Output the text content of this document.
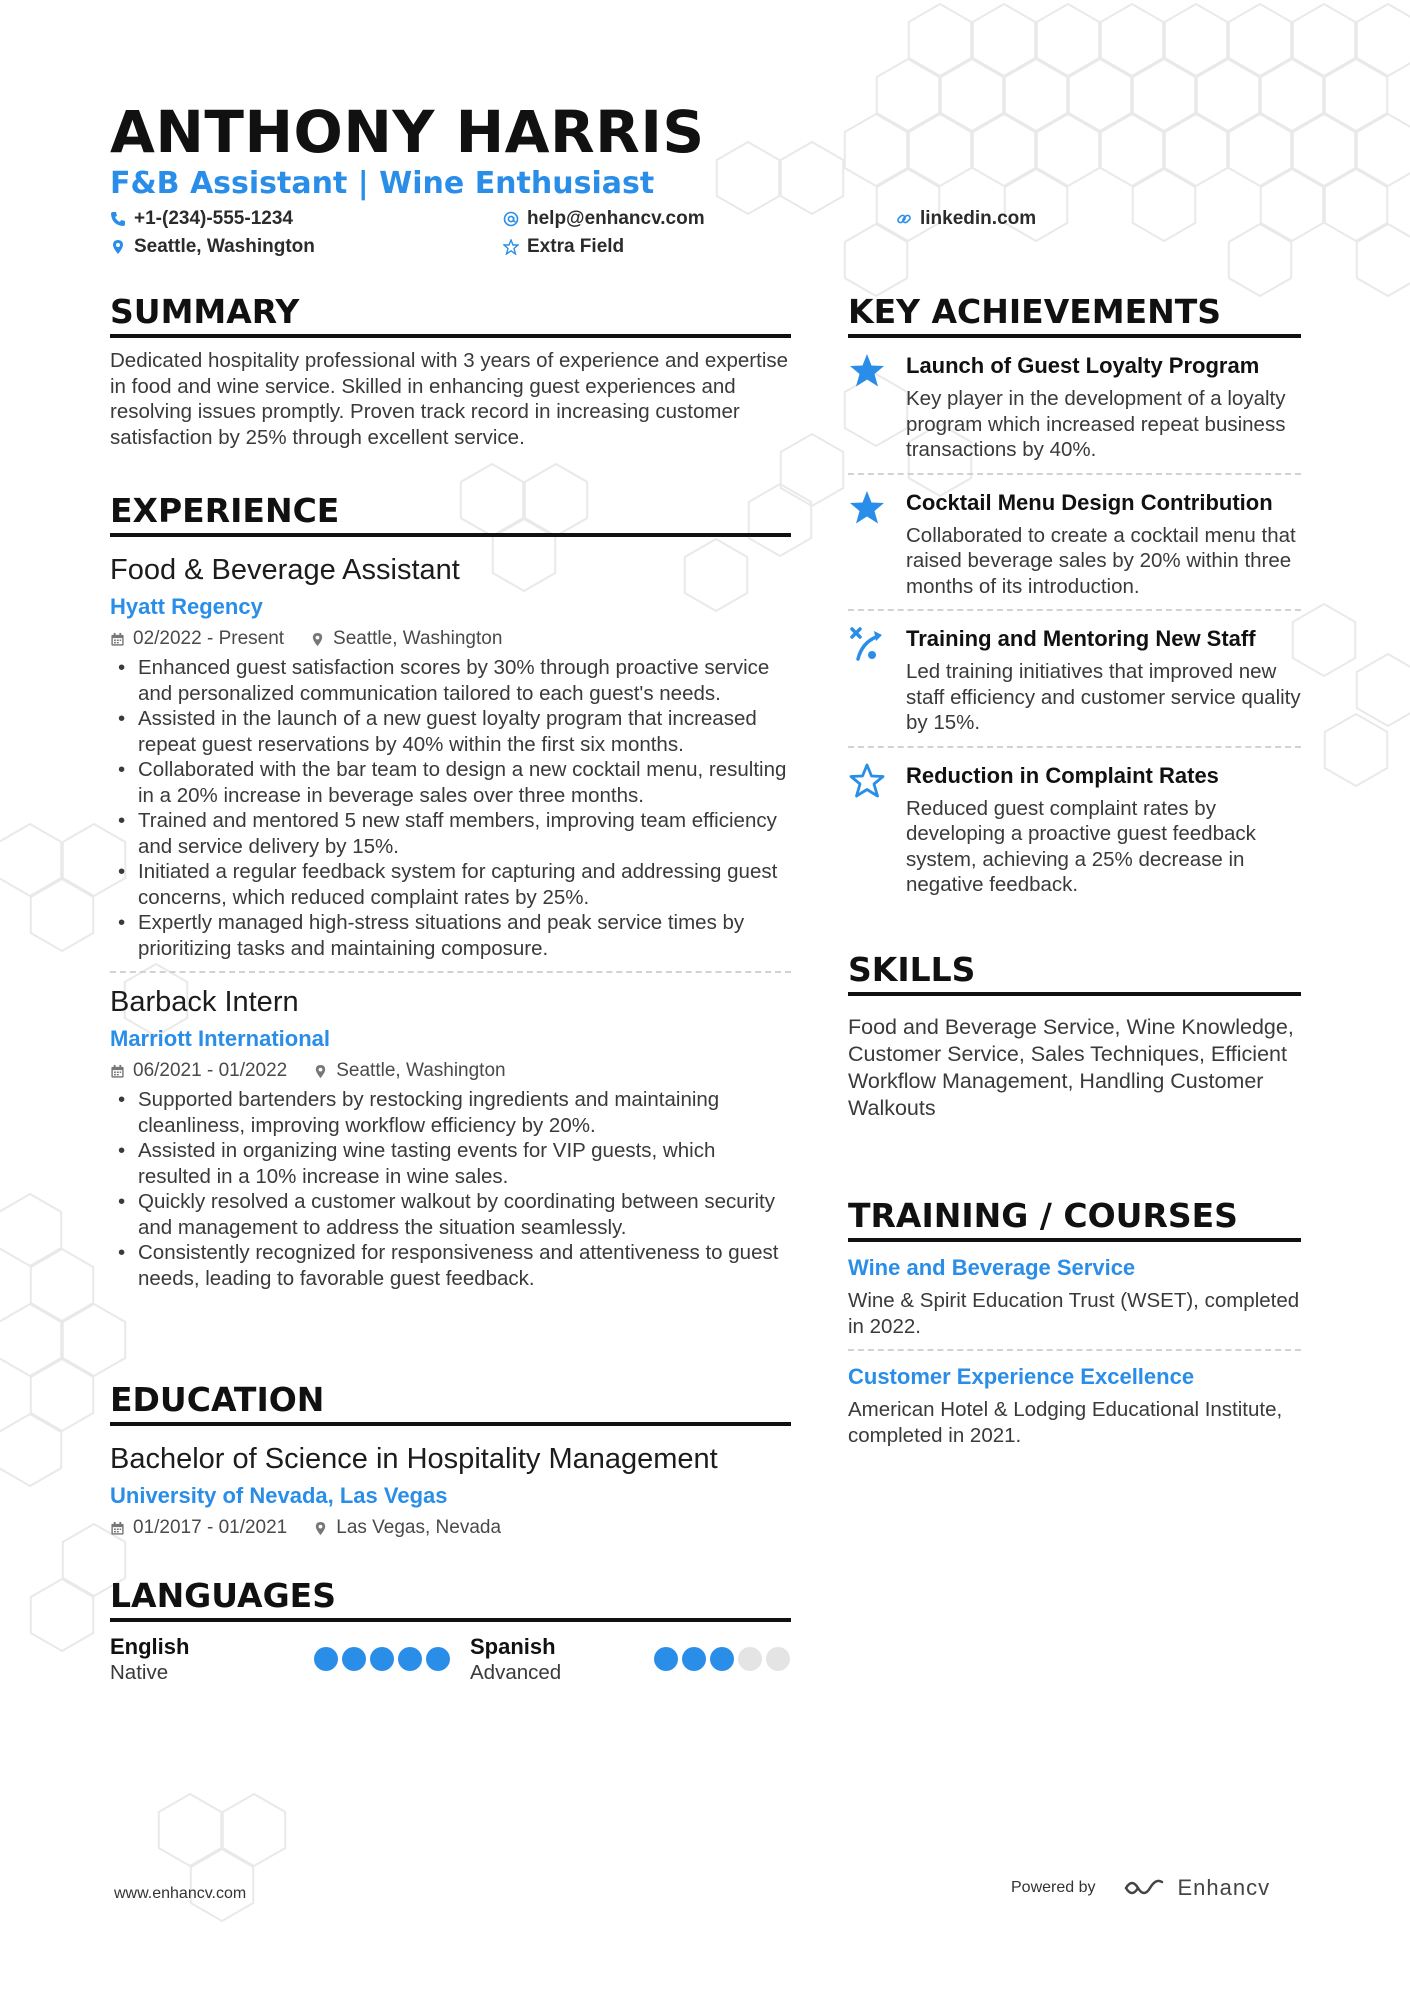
ANTHONY HARRIS
F&B Assistant | Wine Enthusiast
+1-(234)-555-1234	help@enhancv.com	linkedin.com
Seattle, Washington	Extra Field
SUMMARY
Dedicated hospitality professional with 3 years of experience and expertise in food and wine service. Skilled in enhancing guest experiences and resolving issues promptly. Proven track record in increasing customer satisfaction by 25% through excellent service.
EXPERIENCE
Food & Beverage Assistant
Hyatt Regency
02/2022 - Present	Seattle, Washington
• Enhanced guest satisfaction scores by 30% through proactive service and personalized communication tailored to each guest's needs.
• Assisted in the launch of a new guest loyalty program that increased repeat guest reservations by 40% within the first six months.
• Collaborated with the bar team to design a new cocktail menu, resulting in a 20% increase in beverage sales over three months.
• Trained and mentored 5 new staff members, improving team efficiency and service delivery by 15%.
• Initiated a regular feedback system for capturing and addressing guest concerns, which reduced complaint rates by 25%.
• Expertly managed high-stress situations and peak service times by prioritizing tasks and maintaining composure.
Barback Intern
Marriott International
06/2021 - 01/2022	Seattle, Washington
• Supported bartenders by restocking ingredients and maintaining cleanliness, improving workflow efficiency by 20%.
• Assisted in organizing wine tasting events for VIP guests, which resulted in a 10% increase in wine sales.
• Quickly resolved a customer walkout by coordinating between security and management to address the situation seamlessly.
• Consistently recognized for responsiveness and attentiveness to guest needs, leading to favorable guest feedback.
EDUCATION
Bachelor of Science in Hospitality Management
University of Nevada, Las Vegas
01/2017 - 01/2021	Las Vegas, Nevada
LANGUAGES
English
Native
Spanish
Advanced
KEY ACHIEVEMENTS
Launch of Guest Loyalty Program
Key player in the development of a loyalty program which increased repeat business transactions by 40%.
Cocktail Menu Design Contribution
Collaborated to create a cocktail menu that raised beverage sales by 20% within three months of its introduction.
Training and Mentoring New Staff
Led training initiatives that improved new staff efficiency and customer service quality by 15%.
Reduction in Complaint Rates
Reduced guest complaint rates by developing a proactive guest feedback system, achieving a 25% decrease in negative feedback.
SKILLS
Food and Beverage Service, Wine Knowledge, Customer Service, Sales Techniques, Efficient Workflow Management, Handling Customer Walkouts
TRAINING / COURSES
Wine and Beverage Service
Wine & Spirit Education Trust (WSET), completed in 2022.
Customer Experience Excellence
American Hotel & Lodging Educational Institute, completed in 2021.
www.enhancv.com	Powered by	Enhancv
